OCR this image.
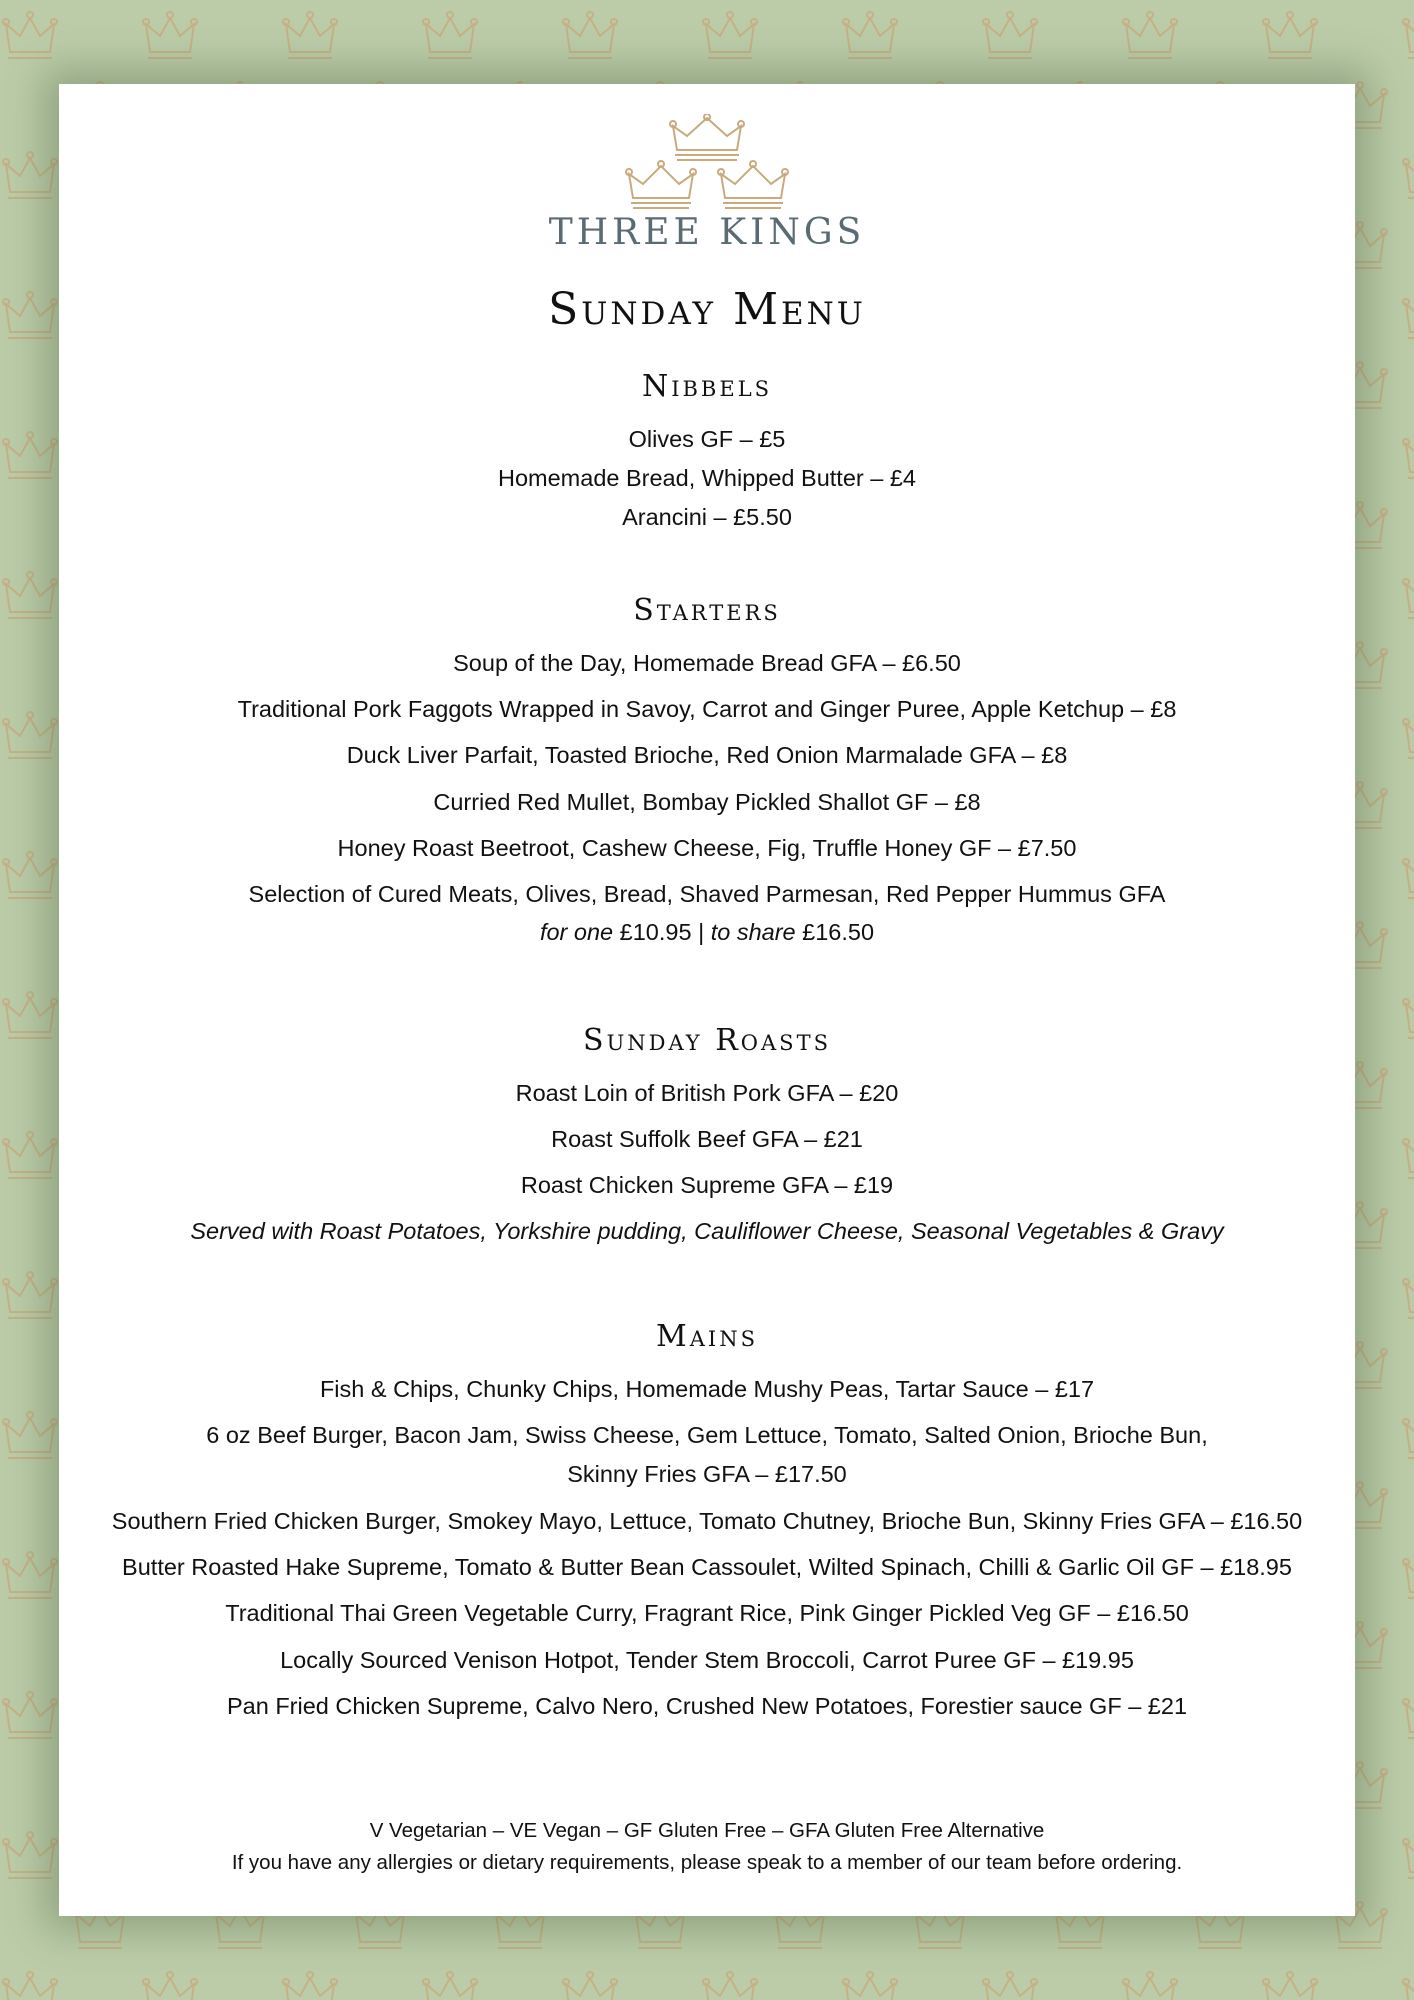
THREE KINGS
Sunday Menu
Nibbels
Olives GF – £5
Homemade Bread, Whipped Butter – £4
Arancini – £5.50
Starters
Soup of the Day, Homemade Bread GFA – £6.50
Traditional Pork Faggots Wrapped in Savoy, Carrot and Ginger Puree, Apple Ketchup – £8
Duck Liver Parfait, Toasted Brioche, Red Onion Marmalade GFA – £8
Curried Red Mullet, Bombay Pickled Shallot GF – £8
Honey Roast Beetroot, Cashew Cheese, Fig, Truffle Honey GF – £7.50
Selection of Cured Meats, Olives, Bread, Shaved Parmesan, Red Pepper Hummus GFA
for one £10.95 | to share £16.50
Sunday Roasts
Roast Loin of British Pork GFA – £20
Roast Suffolk Beef GFA – £21
Roast Chicken Supreme GFA – £19
Served with Roast Potatoes, Yorkshire pudding, Cauliflower Cheese, Seasonal Vegetables & Gravy
Mains
Fish & Chips, Chunky Chips, Homemade Mushy Peas, Tartar Sauce – £17
6 oz Beef Burger, Bacon Jam, Swiss Cheese, Gem Lettuce, Tomato, Salted Onion, Brioche Bun,
Skinny Fries GFA – £17.50
Southern Fried Chicken Burger, Smokey Mayo, Lettuce, Tomato Chutney, Brioche Bun, Skinny Fries GFA – £16.50
Butter Roasted Hake Supreme, Tomato & Butter Bean Cassoulet, Wilted Spinach, Chilli & Garlic Oil GF – £18.95
Traditional Thai Green Vegetable Curry, Fragrant Rice, Pink Ginger Pickled Veg GF – £16.50
Locally Sourced Venison Hotpot, Tender Stem Broccoli, Carrot Puree GF – £19.95
Pan Fried Chicken Supreme, Calvo Nero, Crushed New Potatoes, Forestier sauce GF – £21
V Vegetarian – VE Vegan – GF Gluten Free – GFA Gluten Free Alternative
If you have any allergies or dietary requirements, please speak to a member of our team before ordering.
